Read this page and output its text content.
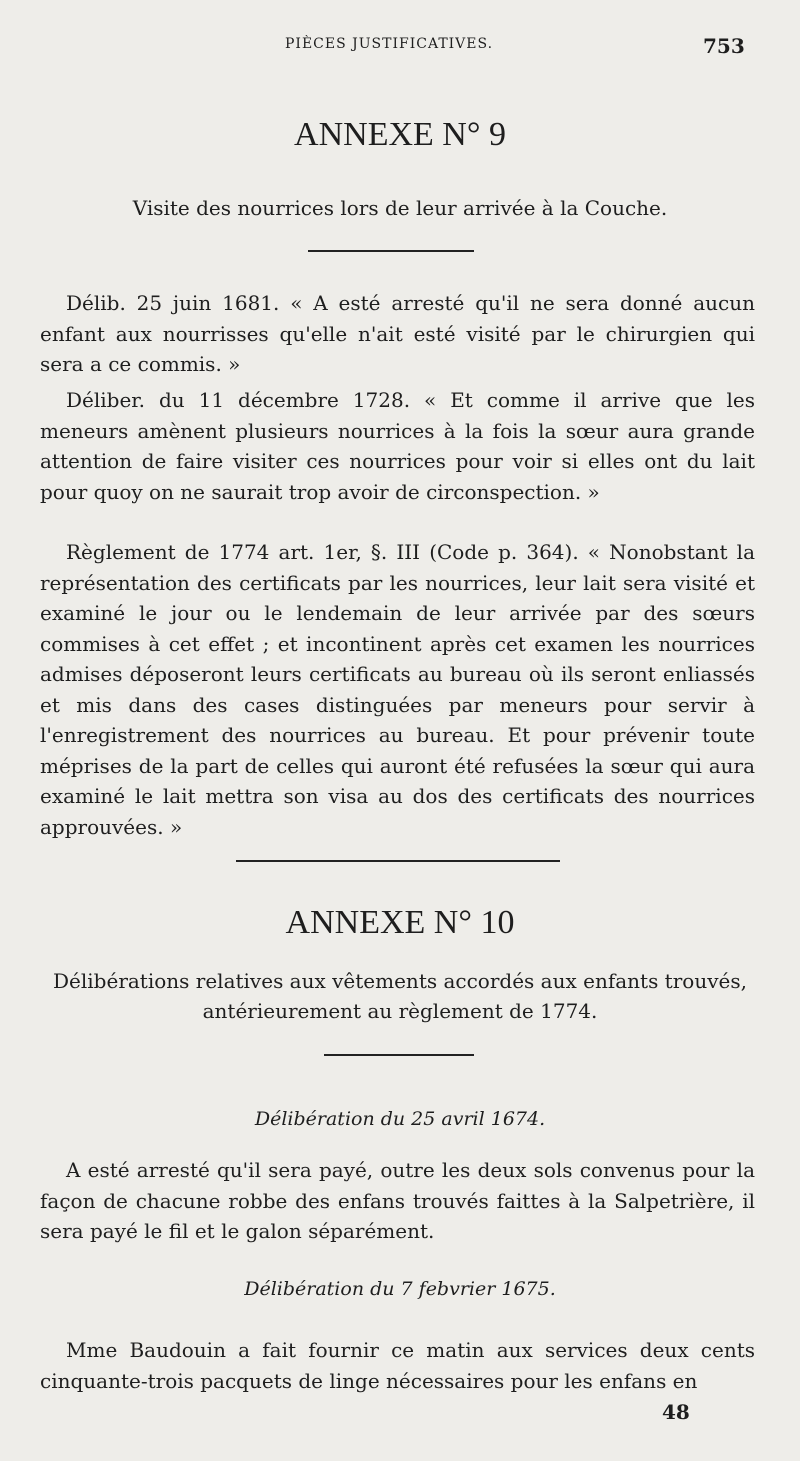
PIÈCES JUSTIFICATIVES.	753
ANNEXE N° 9
Visite des nourrices lors de leur arrivée à la Couche.

Délib. 25 juin 1681. « A esté arresté qu'il ne sera donné aucun enfant aux nourrisses qu'elle n'ait esté visité par le chirurgien qui sera a ce commis. »

Déliber. du 11 décembre 1728. « Et comme il arrive que les meneurs amènent plusieurs nourrices à la fois la sœur aura grande attention de faire visiter ces nourrices pour voir si elles ont du lait pour quoy on ne saurait trop avoir de circonspection. »

Règlement de 1774 art. 1er, §. III (Code p. 364). « Nonobstant la représentation des certificats par les nourrices, leur lait sera visité et examiné le jour ou le lendemain de leur arrivée par des sœurs commises à cet effet ; et incontinent après cet examen les nourrices admises déposeront leurs certificats au bureau où ils seront enliassés et mis dans des cases distinguées par meneurs pour servir à l'enregistrement des nourrices au bureau. Et pour prévenir toute méprises de la part de celles qui auront été refusées la sœur qui aura examiné le lait mettra son visa au dos des certificats des nourrices approuvées. »

ANNEXE N° 10
Délibérations relatives aux vêtements accordés aux enfants trouvés, antérieurement au règlement de 1774.
Délibération du 25 avril 1674.

A esté arresté qu'il sera payé, outre les deux sols convenus pour la façon de chacune robbe des enfans trouvés faittes à la Salpetrière, il sera payé le fil et le galon séparément.

Délibération du 7 febvrier 1675.

Mme Baudouin a fait fournir ce matin aux services deux cents cinquante-trois pacquets de linge nécessaires pour les enfans en

48
